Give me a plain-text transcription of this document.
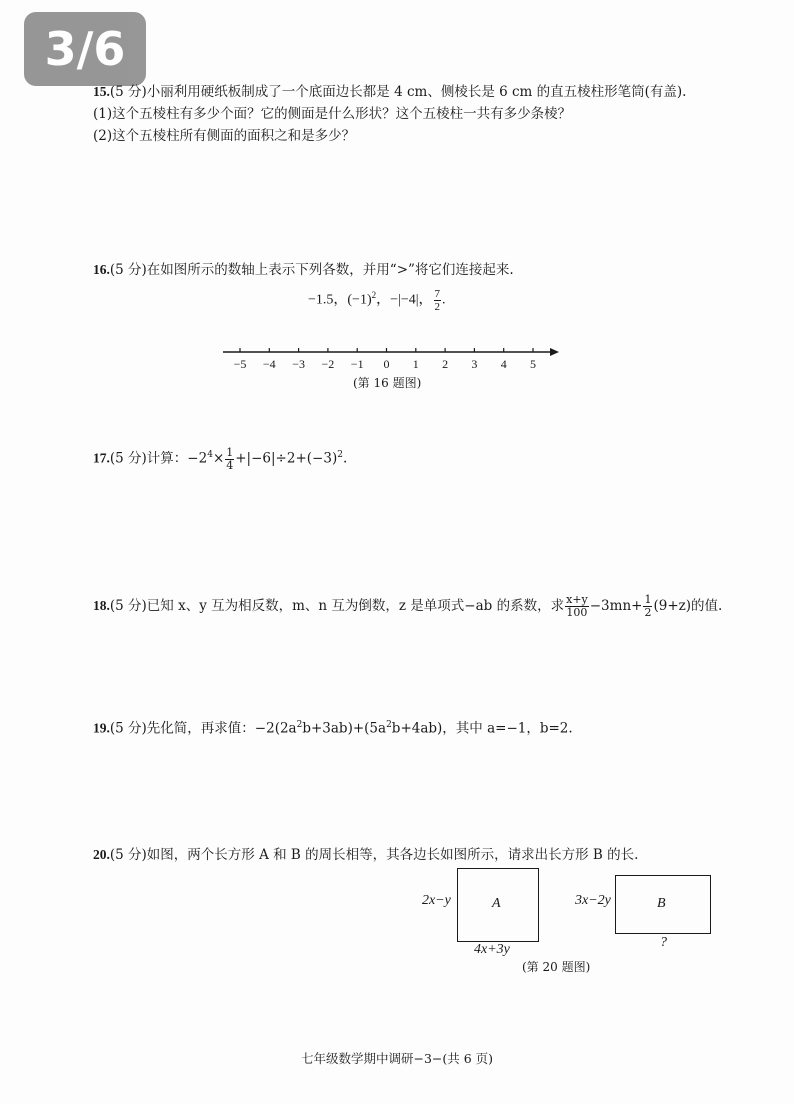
3/6
15.(5 分)小丽利用硬纸板制成了一个底面边长都是 4 cm、侧棱长是 6 cm 的直五棱柱形笔筒(有盖).
(1)这个五棱柱有多少个面？它的侧面是什么形状？这个五棱柱一共有多少条棱？
(2)这个五棱柱所有侧面的面积之和是多少？
16.(5 分)在如图所示的数轴上表示下列各数，并用“>”将它们连接起来.
−1.5，$(-1)^2$，−|−4|， $\frac{7}{2}$ .
−5 −4 −3 −2 −1 0 1 2 3 4 5
(第 16 题图)
17.(5 分)计算：$-2^4\times \frac{1}{4} +|-6|\div 2+(-3)^2$.
18.(5 分)已知 x、y 互为相反数，m、n 互为倒数，z 是单项式−ab 的系数，求 $\frac{x+y}{100} -3mn+ \frac{1}{2} (9+z)$的值.
19.(5 分)先化简，再求值：$-2(2a^2b+3ab)+(5a^2b+4ab)$，其中 a=−1，b=2.
20.(5 分)如图，两个长方形 A 和 B 的周长相等，其各边长如图所示，请求出长方形 B 的长.
2x−y	A
4x+3y
3x−2y	B
?
(第 20 题图)
七年级数学期中调研−3−(共 6 页)
